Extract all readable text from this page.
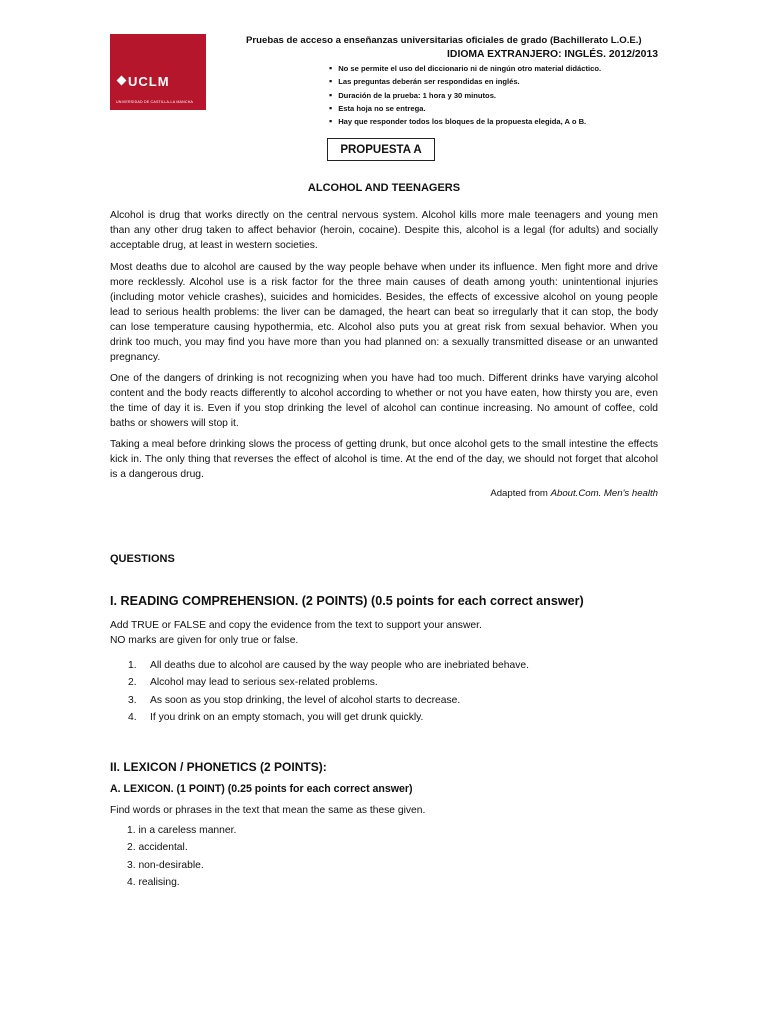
UCLM
UNIVERSIDAD DE CASTILLA-LA MANCHA
Pruebas de acceso a enseñanzas universitarias oficiales de grado (Bachillerato L.O.E.)
IDIOMA EXTRANJERO: INGLÉS. 2012/2013
▪ No se permite el uso del diccionario ni de ningún otro material didáctico.
▪ Las preguntas deberán ser respondidas en inglés.
▪ Duración de la prueba: 1 hora y 30 minutos.
▪ Esta hoja no se entrega.
▪ Hay que responder todos los bloques de la propuesta elegida, A o B.
PROPUESTA A
ALCOHOL AND TEENAGERS

Alcohol is drug that works directly on the central nervous system. Alcohol kills more male teenagers and young men than any other drug taken to affect behavior (heroin, cocaine). Despite this, alcohol is a legal (for adults) and socially acceptable drug, at least in western societies.

Most deaths due to alcohol are caused by the way people behave when under its influence. Men fight more and drive more recklessly. Alcohol use is a risk factor for the three main causes of death among youth: unintentional injuries (including motor vehicle crashes), suicides and homicides. Besides, the effects of excessive alcohol on young people lead to serious health problems: the liver can be damaged, the heart can beat so irregularly that it can stop, the body can lose temperature causing hypothermia, etc. Alcohol also puts you at great risk from sexual behavior. When you drink too much, you may find you have more than you had planned on: a sexually transmitted disease or an unwanted pregnancy.

One of the dangers of drinking is not recognizing when you have had too much. Different drinks have varying alcohol content and the body reacts differently to alcohol according to whether or not you have eaten, how thirsty you are, even the time of day it is. Even if you stop drinking the level of alcohol can continue increasing. No amount of coffee, cold baths or showers will stop it.

Taking a meal before drinking slows the process of getting drunk, but once alcohol gets to the small intestine the effects kick in. The only thing that reverses the effect of alcohol is time. At the end of the day, we should not forget that alcohol is a dangerous drug.

Adapted from About.Com. Men's health
QUESTIONS
I. READING COMPREHENSION. (2 POINTS) (0.5 points for each correct answer)
Add TRUE or FALSE and copy the evidence from the text to support your answer.
NO marks are given for only true or false.
1.	All deaths due to alcohol are caused by the way people who are inebriated behave.
2.	Alcohol may lead to serious sex-related problems.
3.	As soon as you stop drinking, the level of alcohol starts to decrease.
4.	If you drink on an empty stomach, you will get drunk quickly.
II. LEXICON / PHONETICS (2 POINTS):
A. LEXICON. (1 POINT) (0.25 points for each correct answer)
Find words or phrases in the text that mean the same as these given.
1. in a careless manner.
2. accidental.
3. non-desirable.
4. realising.
